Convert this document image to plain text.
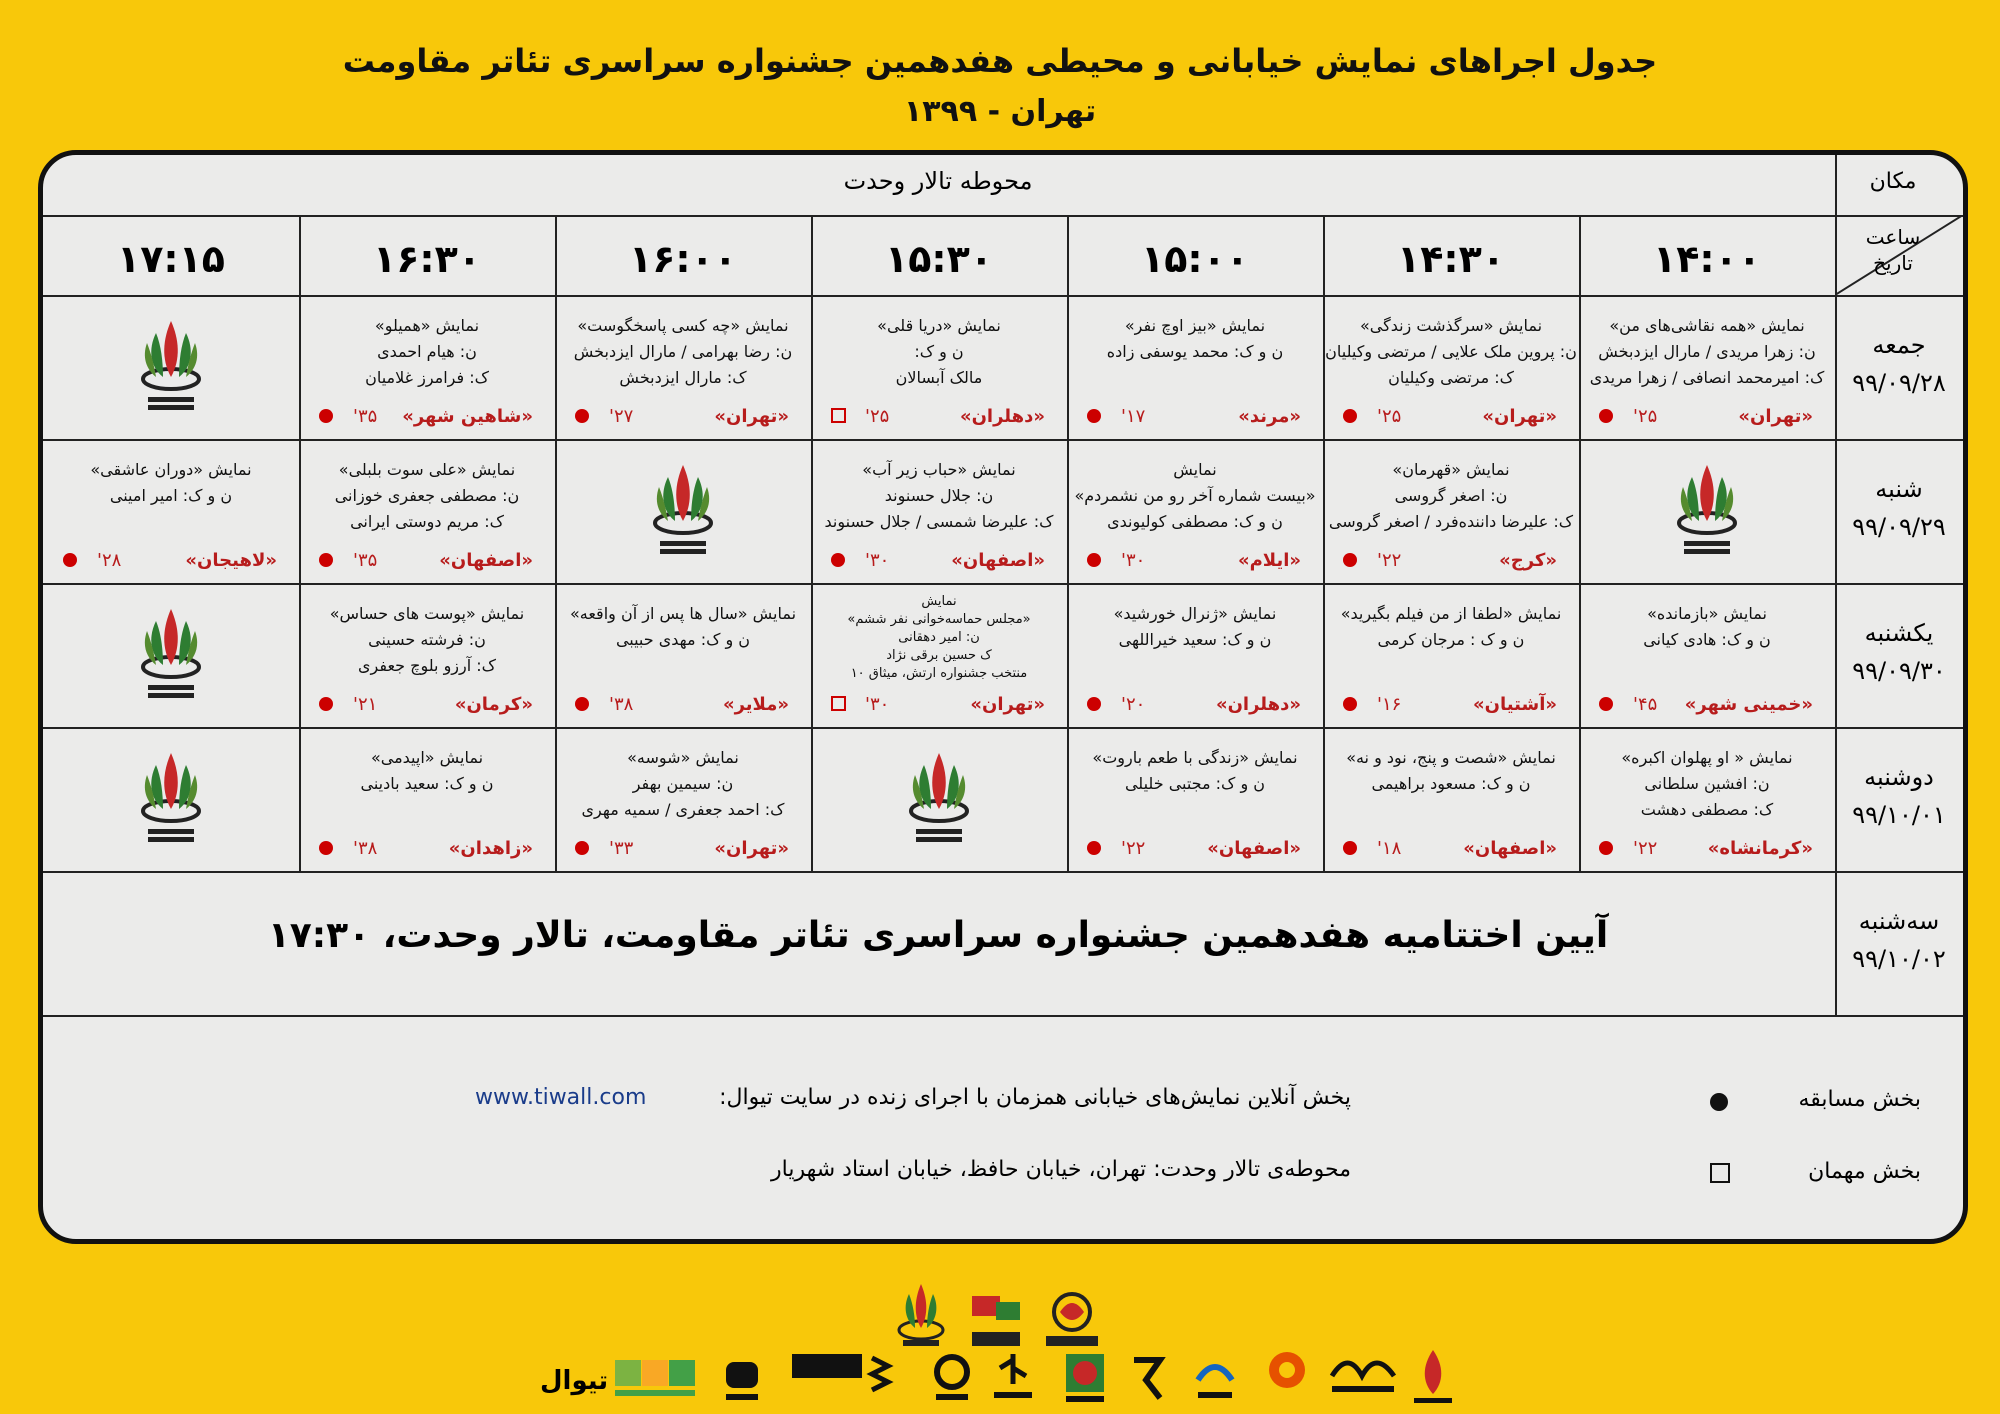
جدول اجراهای نمایش خیابانی و محیطی هفدهمین جشنواره سراسری تئاتر مقاومت
تهران - ۱۳۹۹
مکان
محوطه تالار وحدت
ساعت
تاریخ
آیین اختتامیه هفدهمین جشنواره سراسری تئاتر مقاومت، تالار وحدت، ۱۷:۳۰
بخش مسابقه
بخش مهمان
پخش آنلاین نمایش‌های خیابانی همزمان با اجرای زنده در سایت تیوال:
www.tiwall.com
محوطه‌ی تالار وحدت: تهران، خیابان حافظ، خیابان استاد شهریار
۱۴:۰۰
۱۴:۳۰
۱۵:۰۰
۱۵:۳۰
۱۶:۰۰
۱۶:۳۰
۱۷:۱۵
جمعه
۹۹/۰۹/۲۸
شنبه
۹۹/۰۹/۲۹
یکشنبه
۹۹/۰۹/۳۰
دوشنبه
۹۹/۱۰/۰۱
سه‌شنبه
۹۹/۱۰/۰۲
نمایش «همه نقاشی‌های من»
ن: زهرا مریدی / مارال ایزدبخش
ک: امیرمحمد انصافی / زهرا مریدی
«تهران»
۲۵'
نمایش «سرگذشت زندگی»
ن: پروین ملک علایی / مرتضی وکیلیان
ک: مرتضی وکیلیان
«تهران»
۲۵'
نمایش «بیز اوچ نفر»
ن و ک: محمد یوسفی زاده
«مرند»
۱۷'
نمایش «دریا قلی»
ن و ک:
مالک آبسالان
«دهلران»
۲۵'
نمایش «چه کسی پاسخگوست»
ن: رضا بهرامی / مارال ایزدبخش
ک: مارال ایزدبخش
«تهران»
۲۷'
نمایش «همیلو»
ن: هیام احمدی
ک: فرامرز غلامیان
«شاهین شهر»
۳۵'
نمایش «قهرمان»
ن: اصغر گروسی
ک: علیرضا داننده‌فرد / اصغر گروسی
«کرج»
۲۲'
نمایش
«بیست شماره آخر رو من نشمردم»
ن و ک: مصطفی کولیوندی
«ایلام»
۳۰'
نمایش «حباب زیر آب»
ن: جلال حسنوند
ک: علیرضا شمسی / جلال حسنوند
«اصفهان»
۳۰'
نمایش «علی سوت بلبلی»
ن: مصطفی جعفری خوزانی
ک: مریم دوستی ایرانی
«اصفهان»
۳۵'
نمایش «دوران عاشقی»
ن و ک: امیر امینی
«لاهیجان»
۲۸'
نمایش «بازمانده»
ن و ک: هادی کیانی
«خمینی شهر»
۴۵'
نمایش «لطفا از من فیلم بگیرید»
ن و ک : مرجان کرمی
«آشتیان»
۱۶'
نمایش «ژنرال خورشید»
ن و ک: سعید خیراللهی
«دهلران»
۲۰'
نمایش
«مجلس حماسه‌خوانی نفر ششم»
ن: امیر دهقانی
ک حسین برقی نژاد
منتخب جشنواره ارتش، میثاق ۱۰
«تهران»
۳۰'
نمایش «سال ها پس از آن واقعه»
ن و ک: مهدی حبیبی
«ملایر»
۳۸'
نمایش «پوست های حساس»
ن: فرشته حسینی
ک: آرزو بلوچ جعفری
«کرمان»
۲۱'
نمایش « او پهلوان اکبره»
ن: افشین سلطانی
ک: مصطفی دهشت
«کرمانشاه»
۲۲'
نمایش «شصت و پنج، نود و نه»
ن و ک: مسعود براهیمی
«اصفهان»
۱۸'
نمایش «زندگی با طعم باروت»
ن و ک: مجتبی خلیلی
«اصفهان»
۲۲'
نمایش «شوسه»
ن: سیمین بهفر
ک: احمد جعفری / سمیه مهری
«تهران»
۳۳'
نمایش «اپیدمی»
ن و ک: سعید بادینی
«زاهدان»
۳۸'
تیوال
